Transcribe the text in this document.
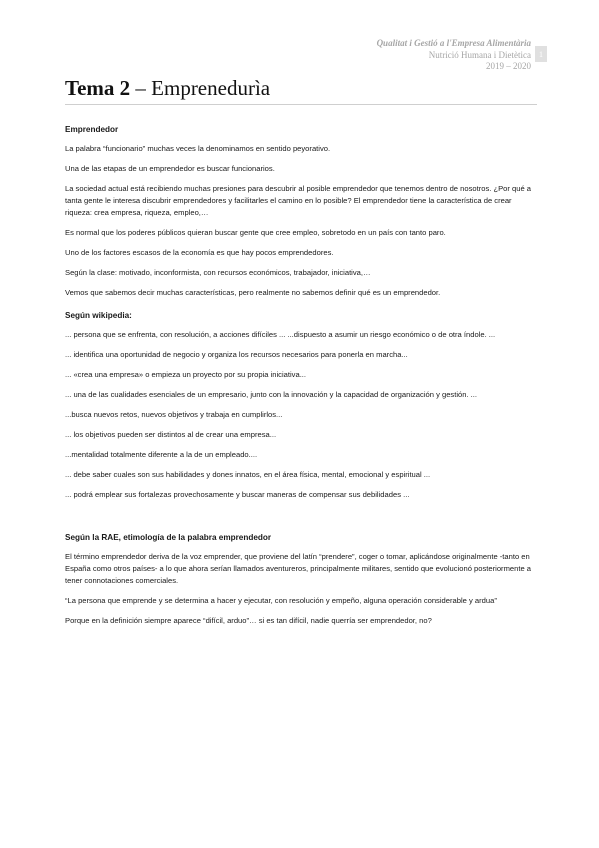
Qualitat i Gestió a l'Empresa Alimentària
Nutrició Humana i Dietètica
2019 – 2020
1
Tema 2 – Emprenedurìa
Emprendedor

La palabra “funcionario” muchas veces la denominamos en sentido peyorativo.

Una de las etapas de un emprendedor es buscar funcionarios.

La sociedad actual está recibiendo muchas presiones para descubrir al posible emprendedor que tenemos dentro de nosotros. ¿Por qué a tanta gente le interesa discubrir emprendedores y facilitarles el camino en lo posible? El emprendedor tiene la característica de crear riqueza: crea empresa, riqueza, empleo,…

Es normal que los poderes públicos quieran buscar gente que cree empleo, sobretodo en un país con tanto paro.

Uno de los factores escasos de la economía es que hay pocos emprendedores.

Según la clase: motivado, inconformista, con recursos económicos, trabajador, iniciativa,…

Vemos que sabemos decir muchas características, pero realmente no sabemos definir qué es un emprendedor.

Según wikipedia:

... persona que se enfrenta, con resolución, a acciones difíciles ... ...dispuesto a asumir un riesgo económico o de otra índole. ...

... identifica una oportunidad de negocio y organiza los recursos necesarios para ponerla en marcha...

... «crea una empresa» o empieza un proyecto por su propia iniciativa...

... una de las cualidades esenciales de un empresario, junto con la innovación y la capacidad de organización y gestión. ...

...busca nuevos retos, nuevos objetivos y trabaja en cumplirlos...

... los objetivos pueden ser distintos al de crear una empresa...

...mentalidad totalmente diferente a la de un empleado....

... debe saber cuales son sus habilidades y dones innatos, en el área física, mental, emocional y espiritual ...

... podrá emplear sus fortalezas provechosamente y buscar maneras de compensar sus debilidades ...

Según la RAE, etimología de la palabra emprendedor

El término emprendedor deriva de la voz emprender, que proviene del latín “prendere”, coger o tomar, aplicándose originalmente -tanto en España como otros países- a lo que ahora serían llamados aventureros, principalmente militares, sentido que evolucionó posteriormente a tener connotaciones comerciales.

“La persona que emprende y se determina a hacer y ejecutar, con resolución y empeño, alguna operación considerable y ardua”

Porque en la definición siempre aparece “difícil, arduo”… si es tan difícil, nadie querría ser emprendedor, no?
